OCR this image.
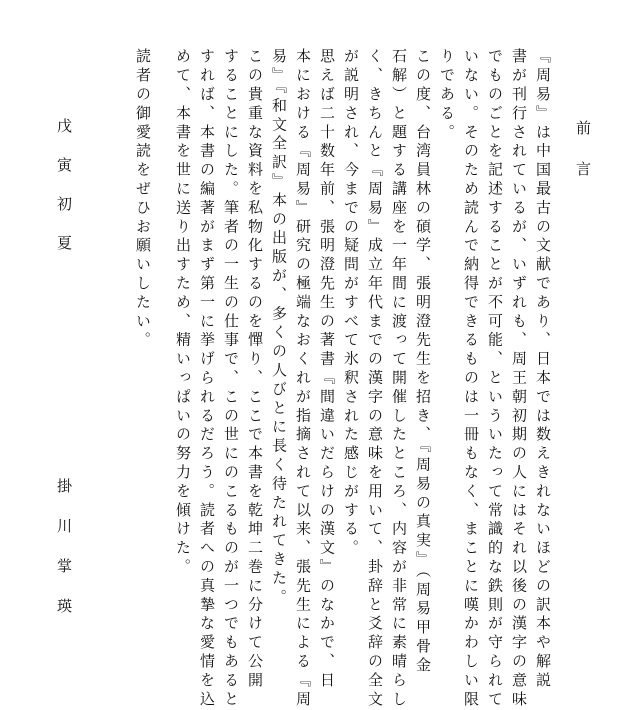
前言
『周易』は中国最古の文献であり、日本では数えきれないほどの訳本や解説
書が刊行されているが、いずれも、周王朝初期の人にはそれ以後の漢字の意味
でものごとを記述することが不可能、といういたって常識的な鉄則が守られて
いない。そのため読んで納得できるものは一冊もなく、まことに嘆かわしい限
りである。
この度、台湾員林の碩学、張明澄先生を招き、『周易の真実』（周易甲骨金
石解）と題する講座を一年間に渡って開催したところ、内容が非常に素晴らし
く、きちんと『周易』成立年代までの漢字の意味を用いて、卦辞と爻辞の全文
が説明され、今までの疑問がすべて氷釈された感じがする。
思えば二十数年前、張明澄先生の著書『間違いだらけの漢文』のなかで、日
本における『周易』研究の極端なおくれが指摘されて以来、張先生による『周
易』『和文全訳』本の出版が、多くの人びとに長く待たれてきた。
この貴重な資料を私物化するのを憚り、ここで本書を乾坤二巻に分けて公開
することにした。筆者の一生の仕事で、この世にのこるものが一つでもあると
すれば、本書の編著がまず第一に挙げられるだろう。読者への真摯な愛情を込
めて、本書を世に送り出すため、精いっぱいの努力を傾けた。
読者の御愛読をぜひお願いしたい。
戊寅初夏
掛川掌瑛
